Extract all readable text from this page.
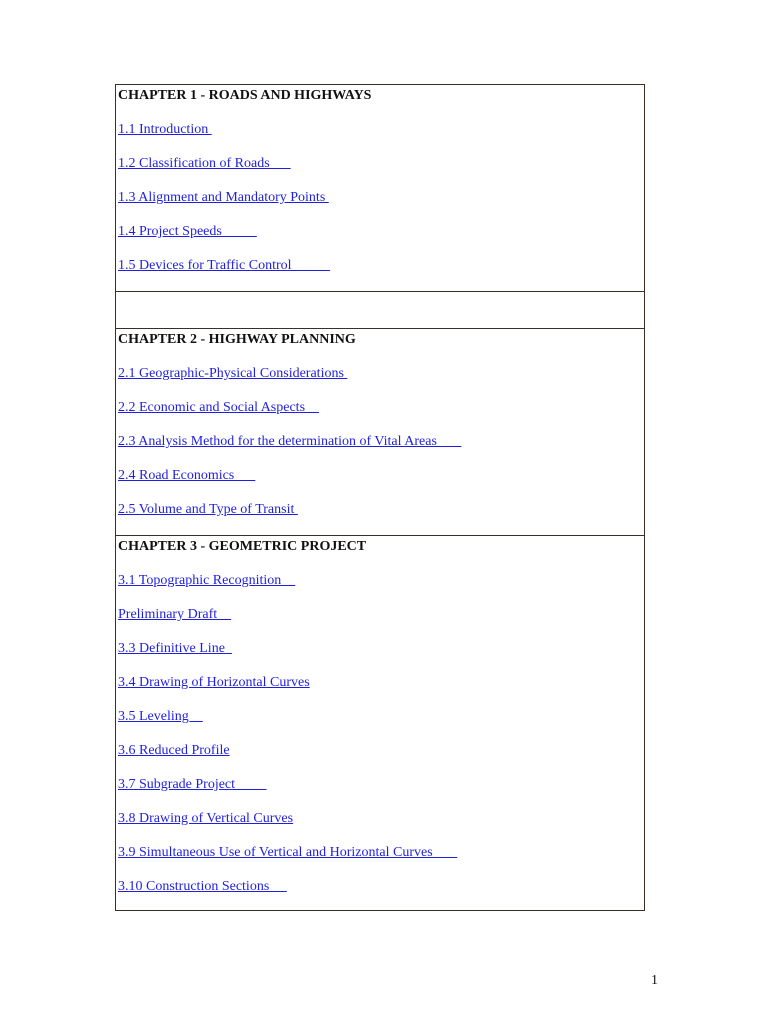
CHAPTER 1 - ROADS AND HIGHWAYS
1.1 Introduction
1.2 Classification of Roads
1.3 Alignment and Mandatory Points
1.4 Project Speeds
1.5 Devices for Traffic Control
CHAPTER 2 - HIGHWAY PLANNING
2.1 Geographic-Physical Considerations
2.2 Economic and Social Aspects
2.3 Analysis Method for the determination of Vital Areas
2.4 Road Economics
2.5 Volume and Type of Transit
CHAPTER 3 - GEOMETRIC PROJECT
3.1 Topographic Recognition
Preliminary Draft
3.3 Definitive Line
3.4 Drawing of Horizontal Curves
3.5 Leveling
3.6 Reduced Profile
3.7 Subgrade Project
3.8 Drawing of Vertical Curves
3.9 Simultaneous Use of Vertical and Horizontal Curves
3.10 Construction Sections
1
